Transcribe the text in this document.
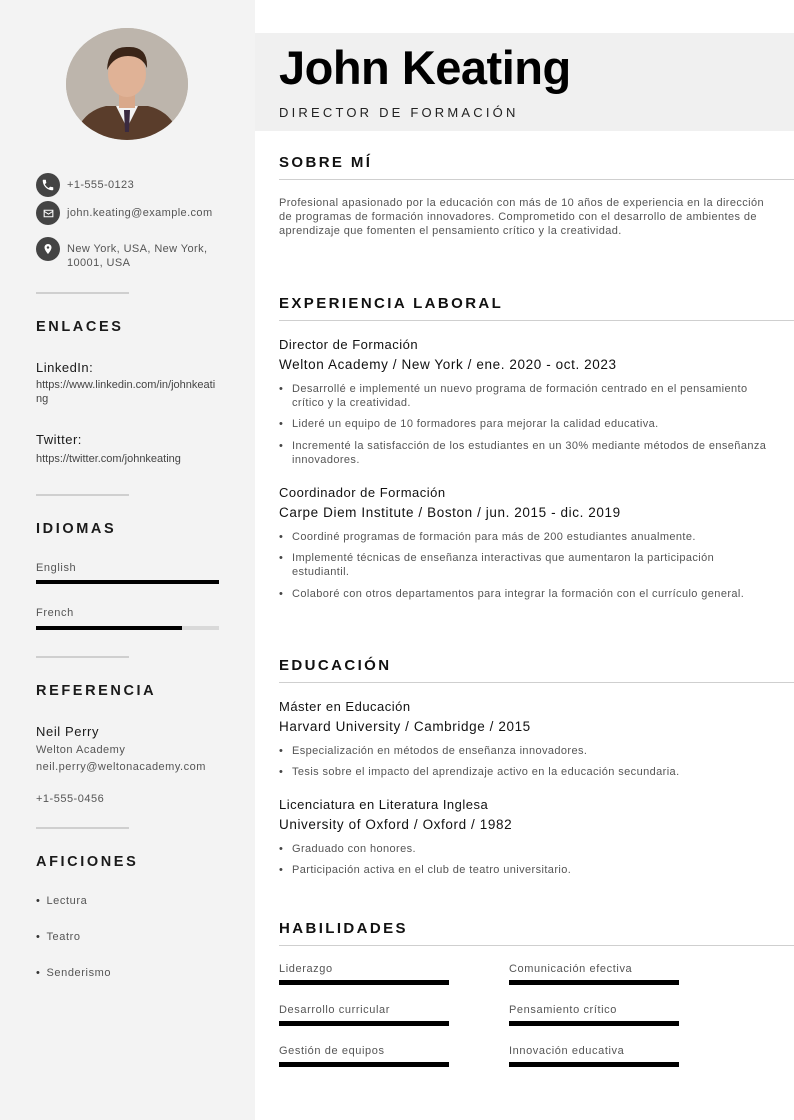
+1-555-0123
john.keating@example.com
New York, USA, New York, 10001, USA
ENLACES
LinkedIn:
https://www.linkedin.com/in/johnkeating
Twitter:
https://twitter.com/johnkeating
IDIOMAS
English
French
REFERENCIA
Neil Perry
Welton Academy
neil.perry@weltonacademy.com
+1-555-0456
AFICIONES
• Lectura
• Teatro
• Senderismo
John Keating
DIRECTOR DE FORMACIÓN
SOBRE MÍ
Profesional apasionado por la educación con más de 10 años de experiencia en la dirección de programas de formación innovadores. Comprometido con el desarrollo de ambientes de aprendizaje que fomenten el pensamiento crítico y la creatividad.
EXPERIENCIA LABORAL
Director de Formación
Welton Academy / New York / ene. 2020 - oct. 2023
• Desarrollé e implementé un nuevo programa de formación centrado en el pensamiento crítico y la creatividad.
• Lideré un equipo de 10 formadores para mejorar la calidad educativa.
• Incrementé la satisfacción de los estudiantes en un 30% mediante métodos de enseñanza innovadores.
Coordinador de Formación
Carpe Diem Institute / Boston / jun. 2015 - dic. 2019
• Coordiné programas de formación para más de 200 estudiantes anualmente.
• Implementé técnicas de enseñanza interactivas que aumentaron la participación estudiantil.
• Colaboré con otros departamentos para integrar la formación con el currículo general.
EDUCACIÓN
Máster en Educación
Harvard University / Cambridge / 2015
• Especialización en métodos de enseñanza innovadores.
• Tesis sobre el impacto del aprendizaje activo en la educación secundaria.
Licenciatura en Literatura Inglesa
University of Oxford / Oxford / 1982
• Graduado con honores.
• Participación activa en el club de teatro universitario.
HABILIDADES
Liderazgo	Comunicación efectiva
Desarrollo curricular	Pensamiento crítico
Gestión de equipos	Innovación educativa
